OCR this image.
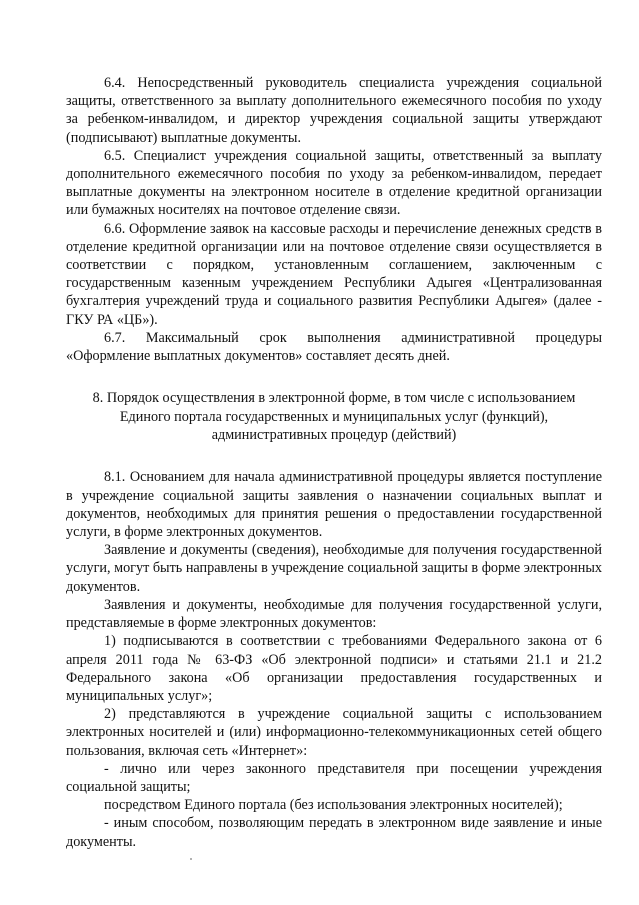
6.4. Непосредственный руководитель специалиста учреждения социальной защиты, ответственного за выплату дополнительного ежемесячного пособия по уходу за ребенком-инвалидом, и директор учреждения социальной защиты утверждают (подписывают) выплатные документы.

6.5. Специалист учреждения социальной защиты, ответственный за выплату дополнительного ежемесячного пособия по уходу за ребенком-инвалидом, передает выплатные документы на электронном носителе в отделение кредитной организации или бумажных носителях на почтовое отделение связи.

6.6. Оформление заявок на кассовые расходы и перечисление денежных средств в отделение кредитной организации или на почтовое отделение связи осуществляется в соответствии с порядком, установленным соглашением, заключенным с государственным казенным учреждением Республики Адыгея «Централизованная бухгалтерия учреждений труда и социального развития Республики Адыгея» (далее - ГКУ РА «ЦБ»).

6.7. Максимальный срок выполнения административной процедуры «Оформление выплатных документов» составляет десять дней.

8. Порядок осуществления в электронной форме, в том числе с использованием Единого портала государственных и муниципальных услуг (функций), административных процедур (действий)

8.1. Основанием для начала административной процедуры является поступление в учреждение социальной защиты заявления о назначении социальных выплат и документов, необходимых для принятия решения о предоставлении государственной услуги, в форме электронных документов.

Заявление и документы (сведения), необходимые для получения государственной услуги, могут быть направлены в учреждение социальной защиты в форме электронных документов.

Заявления и документы, необходимые для получения государственной услуги, представляемые в форме электронных документов:

1) подписываются в соответствии с требованиями Федерального закона от 6 апреля 2011 года № 63-ФЗ «Об электронной подписи» и статьями 21.1 и 21.2 Федерального закона «Об организации предоставления государственных и муниципальных услуг»;

2) представляются в учреждение социальной защиты с использованием электронных носителей и (или) информационно-телекоммуникационных сетей общего пользования, включая сеть «Интернет»:

- лично или через законного представителя при посещении учреждения социальной защиты;

посредством Единого портала (без использования электронных носителей);

- иным способом, позволяющим передать в электронном виде заявление и иные документы.
